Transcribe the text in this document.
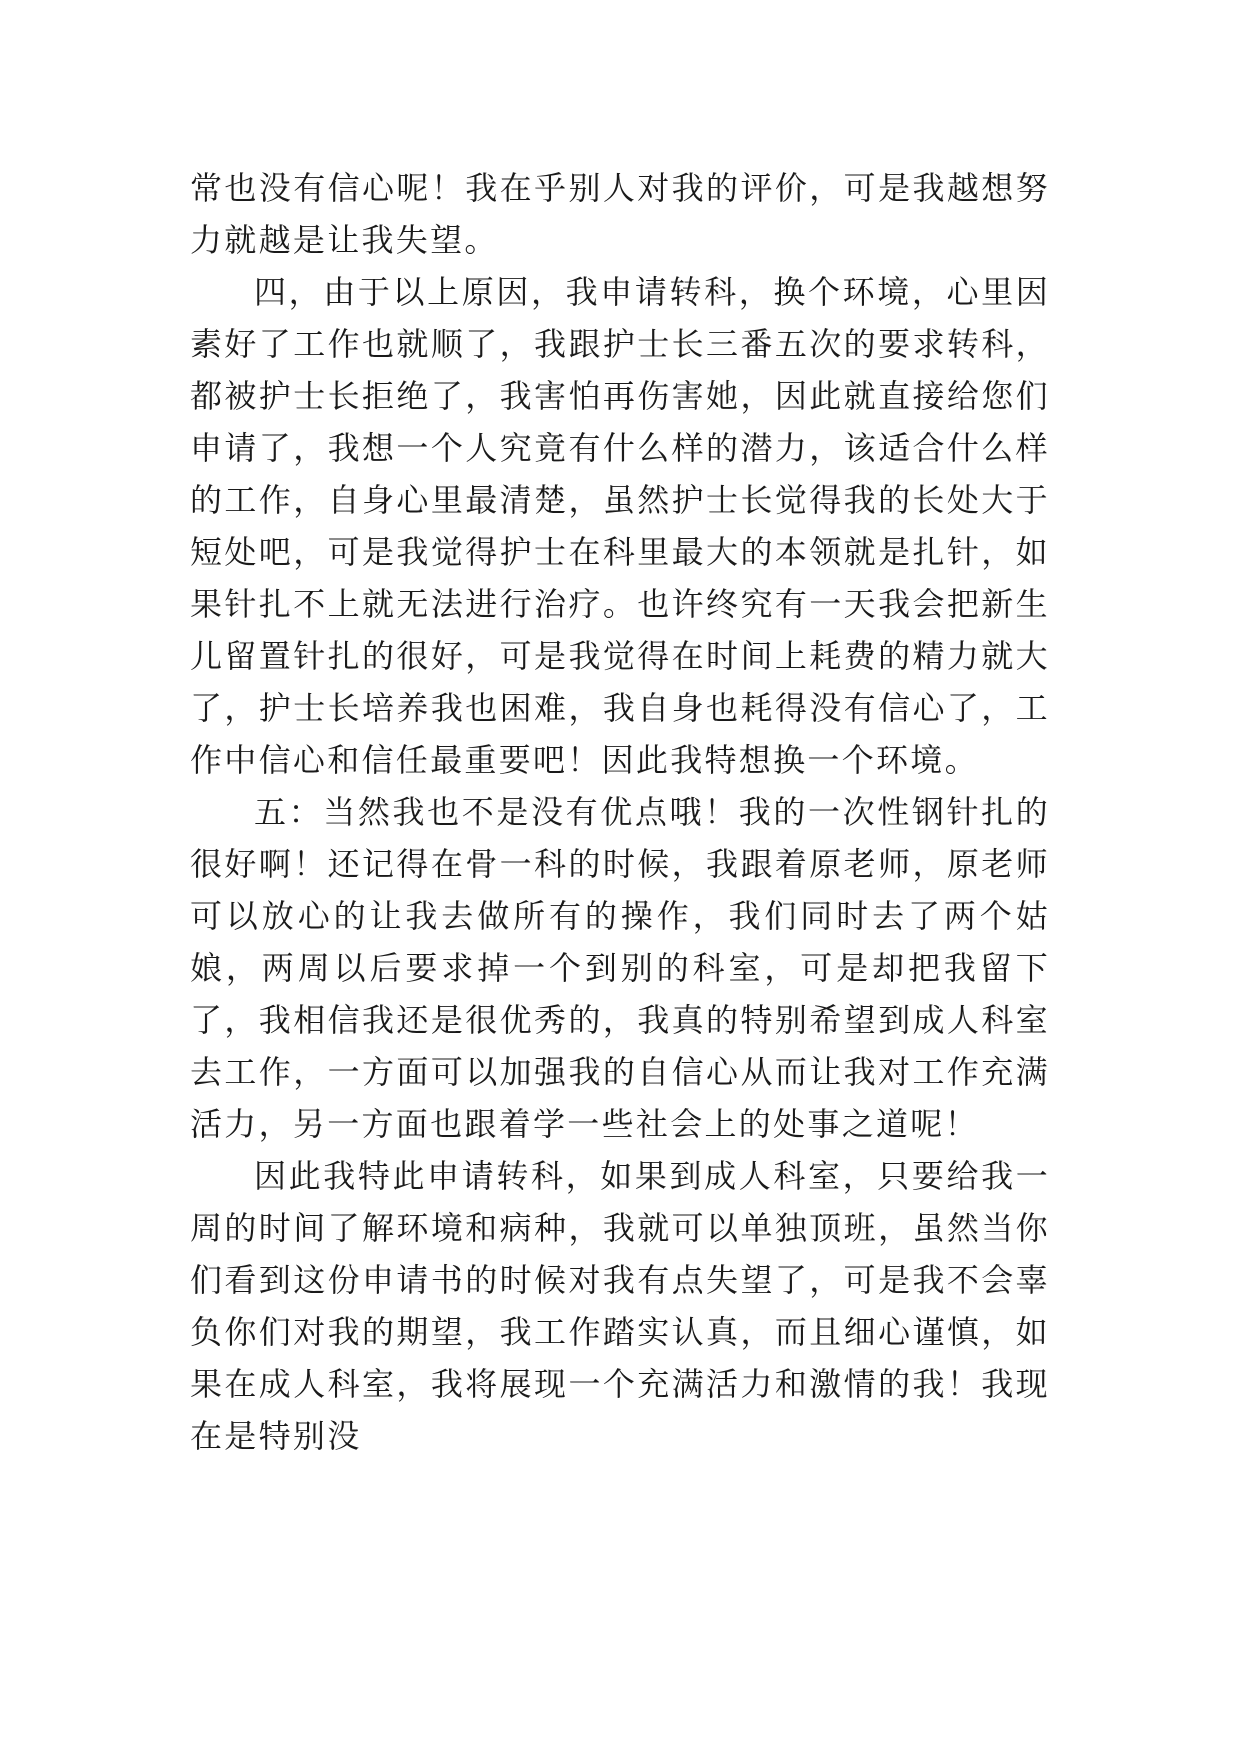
常也没有信心呢！我在乎别人对我的评价，可是我越想努力就越是让我失望。

四，由于以上原因，我申请转科，换个环境，心里因素好了工作也就顺了，我跟护士长三番五次的要求转科，都被护士长拒绝了，我害怕再伤害她，因此就直接给您们申请了，我想一个人究竟有什么样的潜力，该适合什么样的工作，自身心里最清楚，虽然护士长觉得我的长处大于短处吧，可是我觉得护士在科里最大的本领就是扎针，如果针扎不上就无法进行治疗。也许终究有一天我会把新生儿留置针扎的很好，可是我觉得在时间上耗费的精力就大了，护士长培养我也困难，我自身也耗得没有信心了，工作中信心和信任最重要吧！因此我特想换一个环境。

五：当然我也不是没有优点哦！我的一次性钢针扎的很好啊！还记得在骨一科的时候，我跟着原老师，原老师可以放心的让我去做所有的操作，我们同时去了两个姑娘，两周以后要求掉一个到别的科室，可是却把我留下了，我相信我还是很优秀的，我真的特别希望到成人科室去工作，一方面可以加强我的自信心从而让我对工作充满活力，另一方面也跟着学一些社会上的处事之道呢！

因此我特此申请转科，如果到成人科室，只要给我一周的时间了解环境和病种，我就可以单独顶班，虽然当你们看到这份申请书的时候对我有点失望了，可是我不会辜负你们对我的期望，我工作踏实认真，而且细心谨慎，如果在成人科室，我将展现一个充满活力和激情的我！我现在是特别没
